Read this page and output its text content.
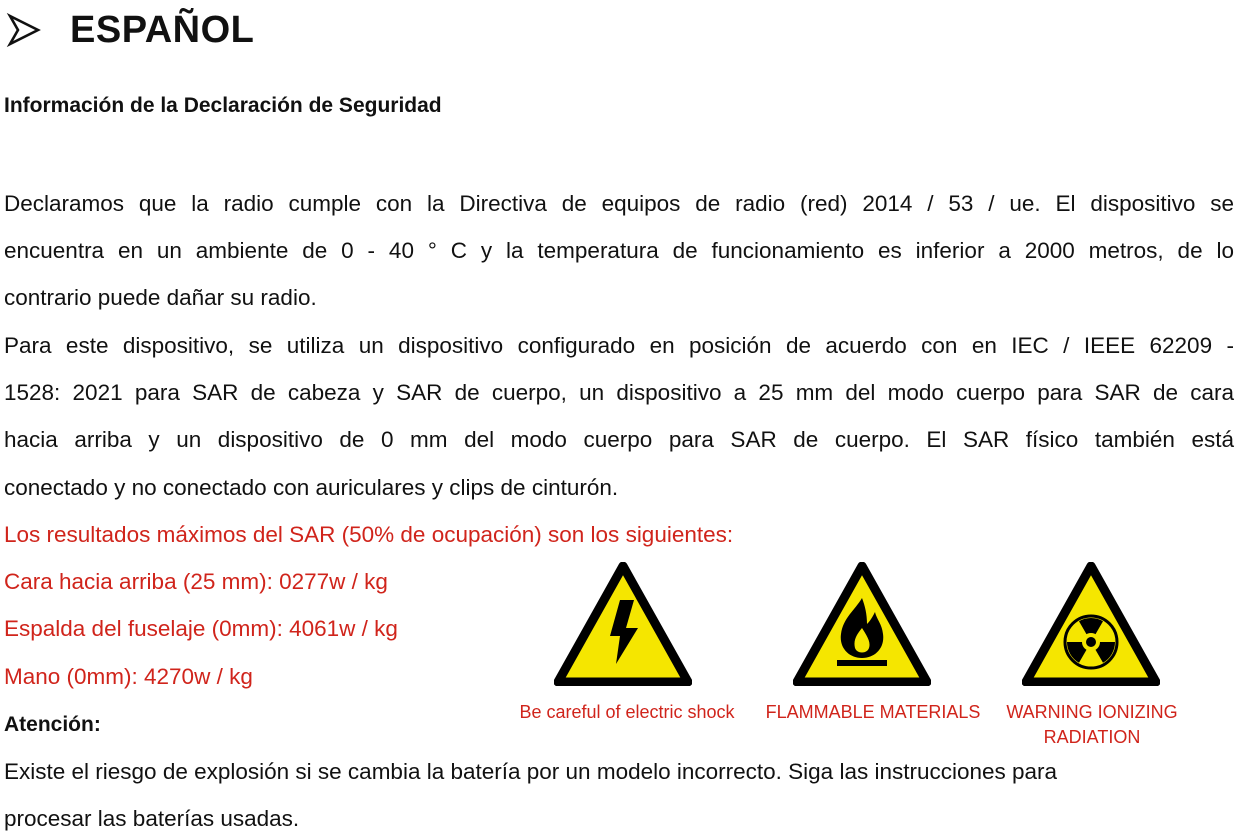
ESPAÑOL
Información de la Declaración de Seguridad
Declaramos que la radio cumple con la Directiva de equipos de radio (red) 2014 / 53 / ue. El dispositivo se
encuentra en un ambiente de 0 - 40 ° C y la temperatura de funcionamiento es inferior a 2000 metros, de lo
contrario puede dañar su radio.
Para este dispositivo, se utiliza un dispositivo configurado en posición de acuerdo con en IEC / IEEE 62209 -
1528: 2021 para SAR de cabeza y SAR de cuerpo, un dispositivo a 25 mm del modo cuerpo para SAR de cara
hacia arriba y un dispositivo de 0 mm del modo cuerpo para SAR de cuerpo. El SAR físico también está
conectado y no conectado con auriculares y clips de cinturón.
Los resultados máximos del SAR (50% de ocupación) son los siguientes:
Cara hacia arriba (25 mm): 0277w / kg
Espalda del fuselaje (0mm): 4061w / kg
Mano (0mm): 4270w / kg
Atención:
Existe el riesgo de explosión si se cambia la batería por un modelo incorrecto. Siga las instrucciones para
procesar las baterías usadas.
Be careful of electric shock	FLAMMABLE MATERIALS	WARNING IONIZING
RADIATION
